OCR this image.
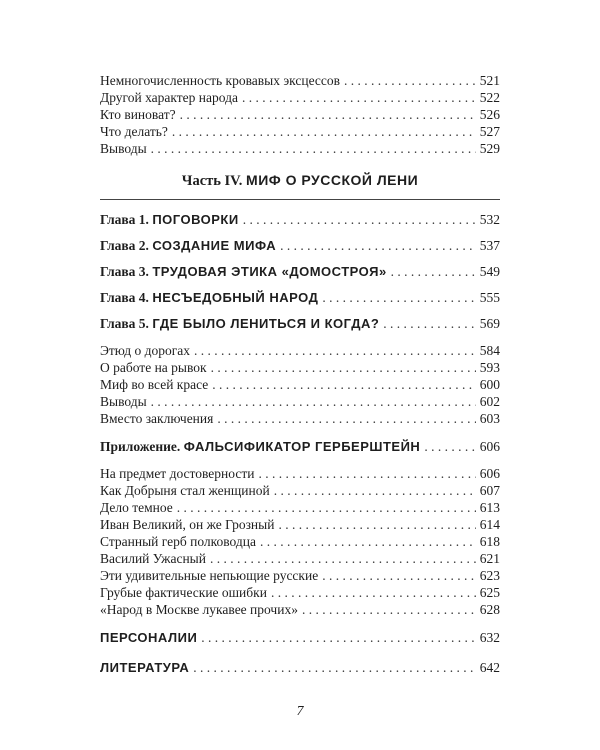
Немногочисленность кровавых эксцессов . . .	521
Другой характер народа . . .	522
Кто виноват? . . .	526
Что делать? . . .	527
Выводы . . .	529
Часть IV. МИФ О РУССКОЙ ЛЕНИ
Глава 1. ПОГОВОРКИ . . .	532
Глава 2. СОЗДАНИЕ МИФА . . .	537
Глава 3. ТРУДОВАЯ ЭТИКА «ДОМОСТРОЯ» . . .	549
Глава 4. НЕСЪЕДОБНЫЙ НАРОД . . .	555
Глава 5. ГДЕ БЫЛО ЛЕНИТЬСЯ И КОГДА? . . .	569
Этюд о дорогах . . .	584
О работе на рывок . . .	593
Миф во всей красе . . .	600
Выводы . . .	602
Вместо заключения . . .	603
Приложение. ФАЛЬСИФИКАТОР ГЕРБЕРШТЕЙН . . .	606
На предмет достоверности . . .	606
Как Добрыня стал женщиной . . .	607
Дело темное . . .	613
Иван Великий, он же Грозный . . .	614
Странный герб полководца . . .	618
Василий Ужасный . . .	621
Эти удивительные непьющие русские . . .	623
Грубые фактические ошибки . . .	625
«Народ в Москве лукавее прочих» . . .	628
ПЕРСОНАЛИИ . . .	632
ЛИТЕРАТУРА . . .	642
7
